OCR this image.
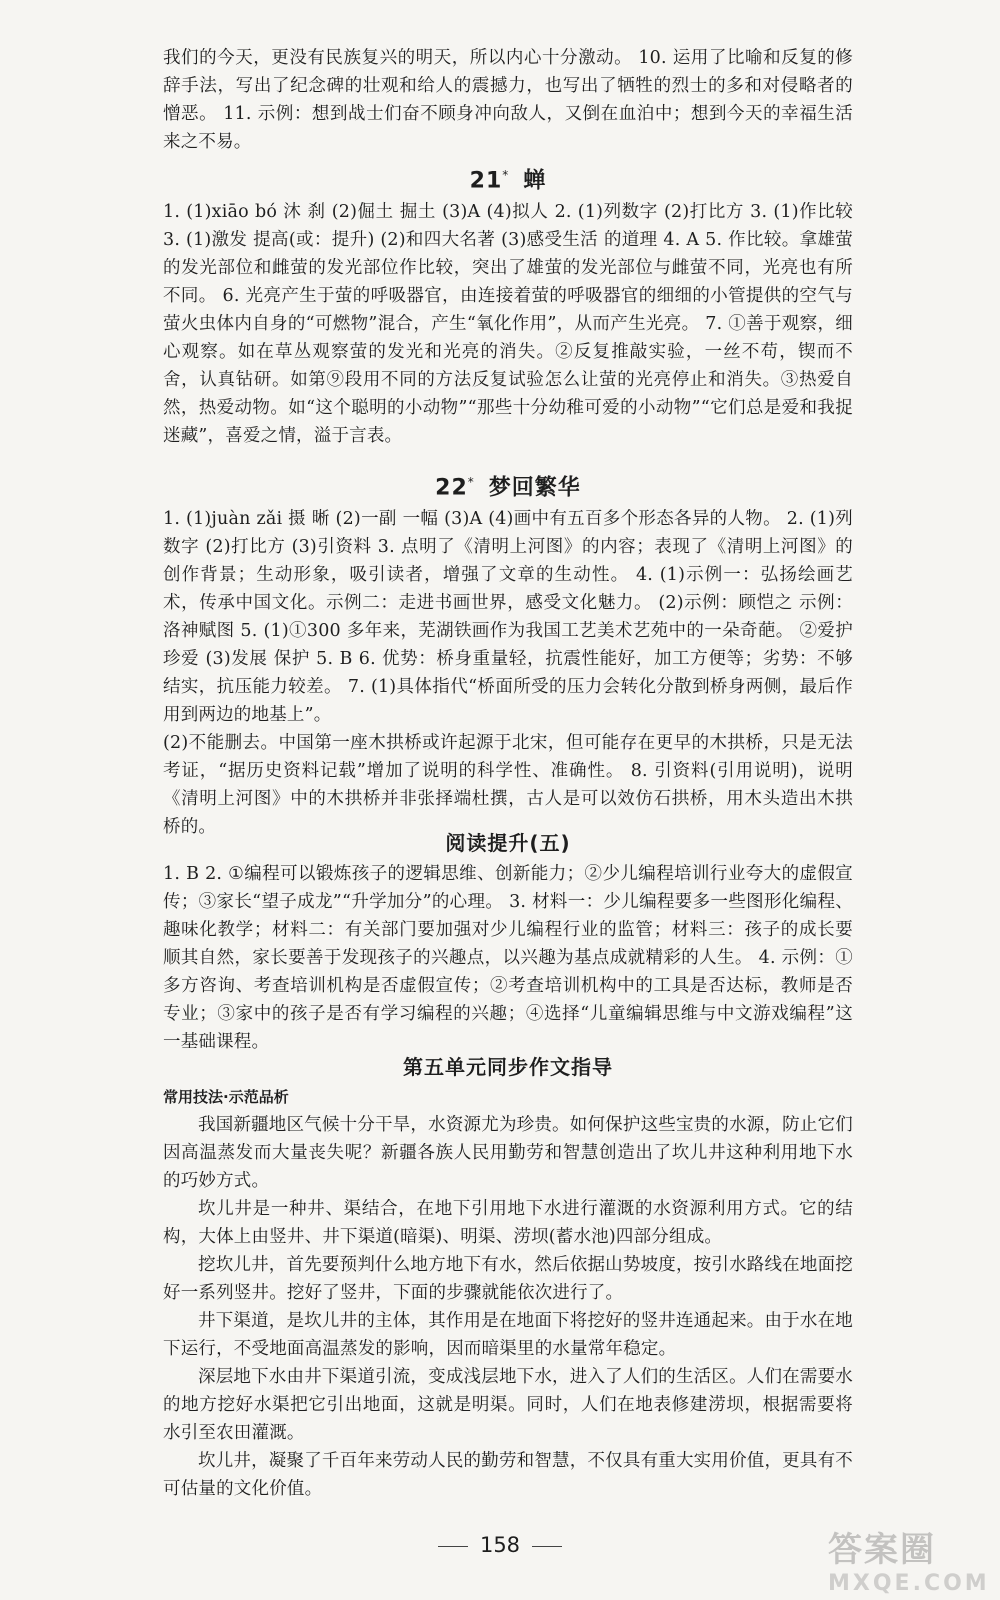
我们的今天，更没有民族复兴的明天，所以内心十分激动。 10. 运用了比喻和反复的修辞手法，写出了纪念碑的壮观和给人的震撼力，也写出了牺牲的烈士的多和对侵略者的憎恶。 11. 示例：想到战士们奋不顾身冲向敌人，又倒在血泊中；想到今天的幸福生活来之不易。

21* 蝉

1. (1)xiāo bó 沐 刹 (2)倔土 掘土 (3)A (4)拟人 2. (1)列数字 (2)打比方 3. (1)作比较 3. (1)激发 提高(或：提升) (2)和四大名著 (3)感受生活 的道理 4. A 5. 作比较。拿雄萤的发光部位和雌萤的发光部位作比较，突出了雄萤的发光部位与雌萤不同，光亮也有所不同。 6. 光亮产生于萤的呼吸器官，由连接着萤的呼吸器官的细细的小管提供的空气与萤火虫体内自身的“可燃物”混合，产生“氧化作用”，从而产生光亮。 7. ①善于观察，细心观察。如在草丛观察萤的发光和光亮的消失。②反复推敲实验，一丝不苟，锲而不舍，认真钻研。如第⑨段用不同的方法反复试验怎么让萤的光亮停止和消失。③热爱自然，热爱动物。如“这个聪明的小动物”“那些十分幼稚可爱的小动物”“它们总是爱和我捉迷藏”，喜爱之情，溢于言表。

22* 梦回繁华

1. (1)juàn zǎi 摄 晰 (2)一副 一幅 (3)A (4)画中有五百多个形态各异的人物。 2. (1)列数字 (2)打比方 (3)引资料 3. 点明了《清明上河图》的内容；表现了《清明上河图》的创作背景；生动形象，吸引读者，增强了文章的生动性。 4. (1)示例一：弘扬绘画艺术，传承中国文化。示例二：走进书画世界，感受文化魅力。 (2)示例：顾恺之 示例：洛神赋图 5. (1)①300 多年来，芜湖铁画作为我国工艺美术艺苑中的一朵奇葩。 ②爱护 珍爱 (3)发展 保护 5. B 6. 优势：桥身重量轻，抗震性能好，加工方便等；劣势：不够结实，抗压能力较差。 7. (1)具体指代“桥面所受的压力会转化分散到桥身两侧，最后作用到两边的地基上”。

(2)不能删去。中国第一座木拱桥或许起源于北宋，但可能存在更早的木拱桥，只是无法考证，“据历史资料记载”增加了说明的科学性、准确性。 8. 引资料(引用说明)，说明《清明上河图》中的木拱桥并非张择端杜撰，古人是可以效仿石拱桥，用木头造出木拱桥的。

阅读提升(五)

1. B 2. ①编程可以锻炼孩子的逻辑思维、创新能力；②少儿编程培训行业夸大的虚假宣传；③家长“望子成龙”“升学加分”的心理。 3. 材料一：少儿编程要多一些图形化编程、趣味化教学；材料二：有关部门要加强对少儿编程行业的监管；材料三：孩子的成长要顺其自然，家长要善于发现孩子的兴趣点，以兴趣为基点成就精彩的人生。 4. 示例：①多方咨询、考查培训机构是否虚假宣传；②考查培训机构中的工具是否达标，教师是否专业；③家中的孩子是否有学习编程的兴趣；④选择“儿童编辑思维与中文游戏编程”这一基础课程。

第五单元同步作文指导

常用技法·示范品析

我国新疆地区气候十分干旱，水资源尤为珍贵。如何保护这些宝贵的水源，防止它们因高温蒸发而大量丧失呢？新疆各族人民用勤劳和智慧创造出了坎儿井这种利用地下水的巧妙方式。

坎儿井是一种井、渠结合，在地下引用地下水进行灌溉的水资源利用方式。它的结构，大体上由竖井、井下渠道(暗渠)、明渠、涝坝(蓄水池)四部分组成。

挖坎儿井，首先要预判什么地方地下有水，然后依据山势坡度，按引水路线在地面挖好一系列竖井。挖好了竖井，下面的步骤就能依次进行了。

井下渠道，是坎儿井的主体，其作用是在地面下将挖好的竖井连通起来。由于水在地下运行，不受地面高温蒸发的影响，因而暗渠里的水量常年稳定。

深层地下水由井下渠道引流，变成浅层地下水，进入了人们的生活区。人们在需要水的地方挖好水渠把它引出地面，这就是明渠。同时，人们在地表修建涝坝，根据需要将水引至农田灌溉。

坎儿井，凝聚了千百年来劳动人民的勤劳和智慧，不仅具有重大实用价值，更具有不可估量的文化价值。

158	答案圈
MXQE.COM
